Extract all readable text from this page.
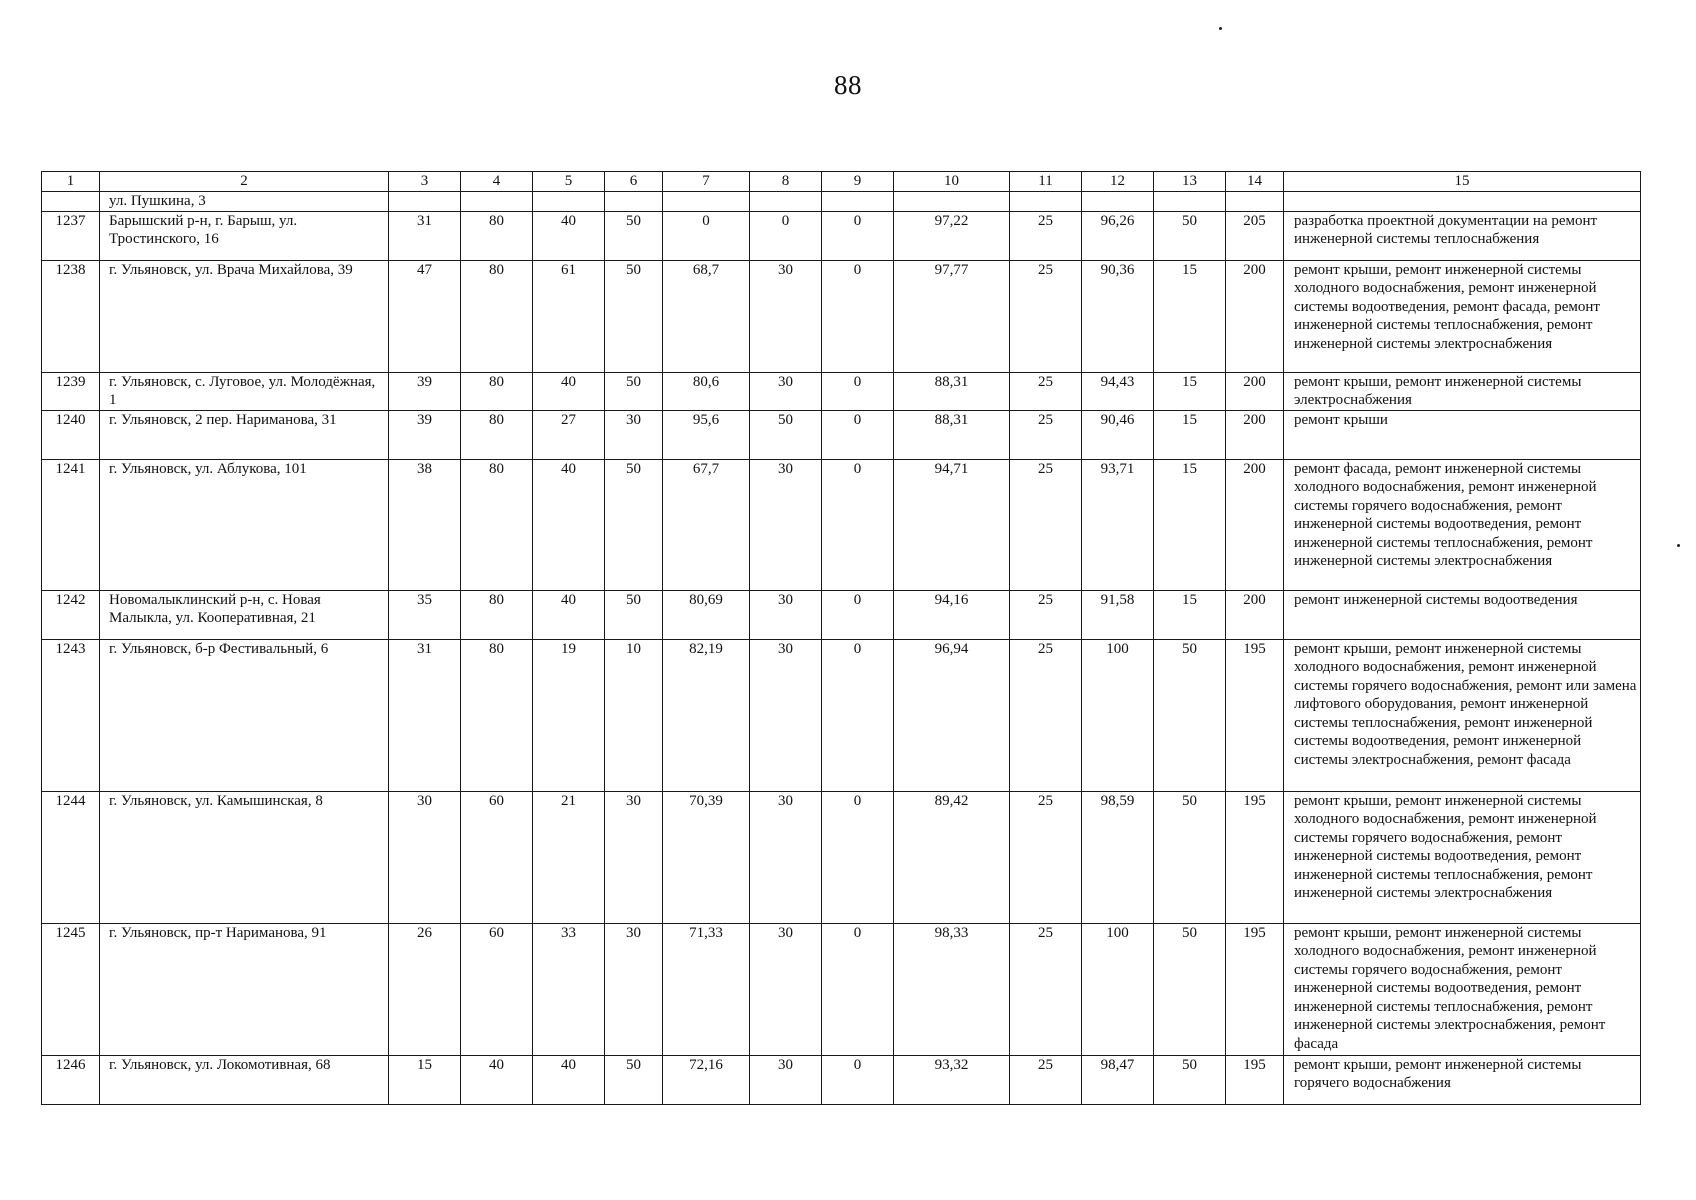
88
1	2	3	4	5	6	7	8	9	10	11	12	13	14	15
	ул. Пушкина, 3													
1237	Барышский р-н, г. Барыш, ул. Тростинского, 16	31	80	40	50	0	0	0	97,22	25	96,26	50	205	разработка проектной документации на ремонт инженерной системы теплоснабжения
1238	г. Ульяновск, ул. Врача Михайлова, 39	47	80	61	50	68,7	30	0	97,77	25	90,36	15	200	ремонт крыши, ремонт инженерной системы холодного водоснабжения, ремонт инженерной системы водоотведения, ремонт фасада, ремонт инженерной системы теплоснабжения, ремонт инженерной системы электроснабжения
1239	г. Ульяновск, с. Луговое, ул. Молодёжная, 1	39	80	40	50	80,6	30	0	88,31	25	94,43	15	200	ремонт крыши, ремонт инженерной системы электроснабжения
1240	г. Ульяновск, 2 пер. Нариманова, 31	39	80	27	30	95,6	50	0	88,31	25	90,46	15	200	ремонт крыши
1241	г. Ульяновск, ул. Аблукова, 101	38	80	40	50	67,7	30	0	94,71	25	93,71	15	200	ремонт фасада, ремонт инженерной системы холодного водоснабжения, ремонт инженерной системы горячего водоснабжения, ремонт инженерной системы водоотведения, ремонт инженерной системы теплоснабжения, ремонт инженерной системы электроснабжения
1242	Новомалыклинский р-н, с. Новая Малыкла, ул. Кооперативная, 21	35	80	40	50	80,69	30	0	94,16	25	91,58	15	200	ремонт инженерной системы водоотведения
1243	г. Ульяновск, б-р Фестивальный, 6	31	80	19	10	82,19	30	0	96,94	25	100	50	195	ремонт крыши, ремонт инженерной системы холодного водоснабжения, ремонт инженерной системы горячего водоснабжения, ремонт или замена лифтового оборудования, ремонт инженерной системы теплоснабжения, ремонт инженерной системы водоотведения, ремонт инженерной системы электроснабжения, ремонт фасада
1244	г. Ульяновск, ул. Камышинская, 8	30	60	21	30	70,39	30	0	89,42	25	98,59	50	195	ремонт крыши, ремонт инженерной системы холодного водоснабжения, ремонт инженерной системы горячего водоснабжения, ремонт инженерной системы водоотведения, ремонт инженерной системы теплоснабжения, ремонт инженерной системы электроснабжения
1245	г. Ульяновск, пр-т Нариманова, 91	26	60	33	30	71,33	30	0	98,33	25	100	50	195	ремонт крыши, ремонт инженерной системы холодного водоснабжения, ремонт инженерной системы горячего водоснабжения, ремонт инженерной системы водоотведения, ремонт инженерной системы теплоснабжения, ремонт инженерной системы электроснабжения, ремонт фасада
1246	г. Ульяновск, ул. Локомотивная, 68	15	40	40	50	72,16	30	0	93,32	25	98,47	50	195	ремонт крыши, ремонт инженерной системы горячего водоснабжения
